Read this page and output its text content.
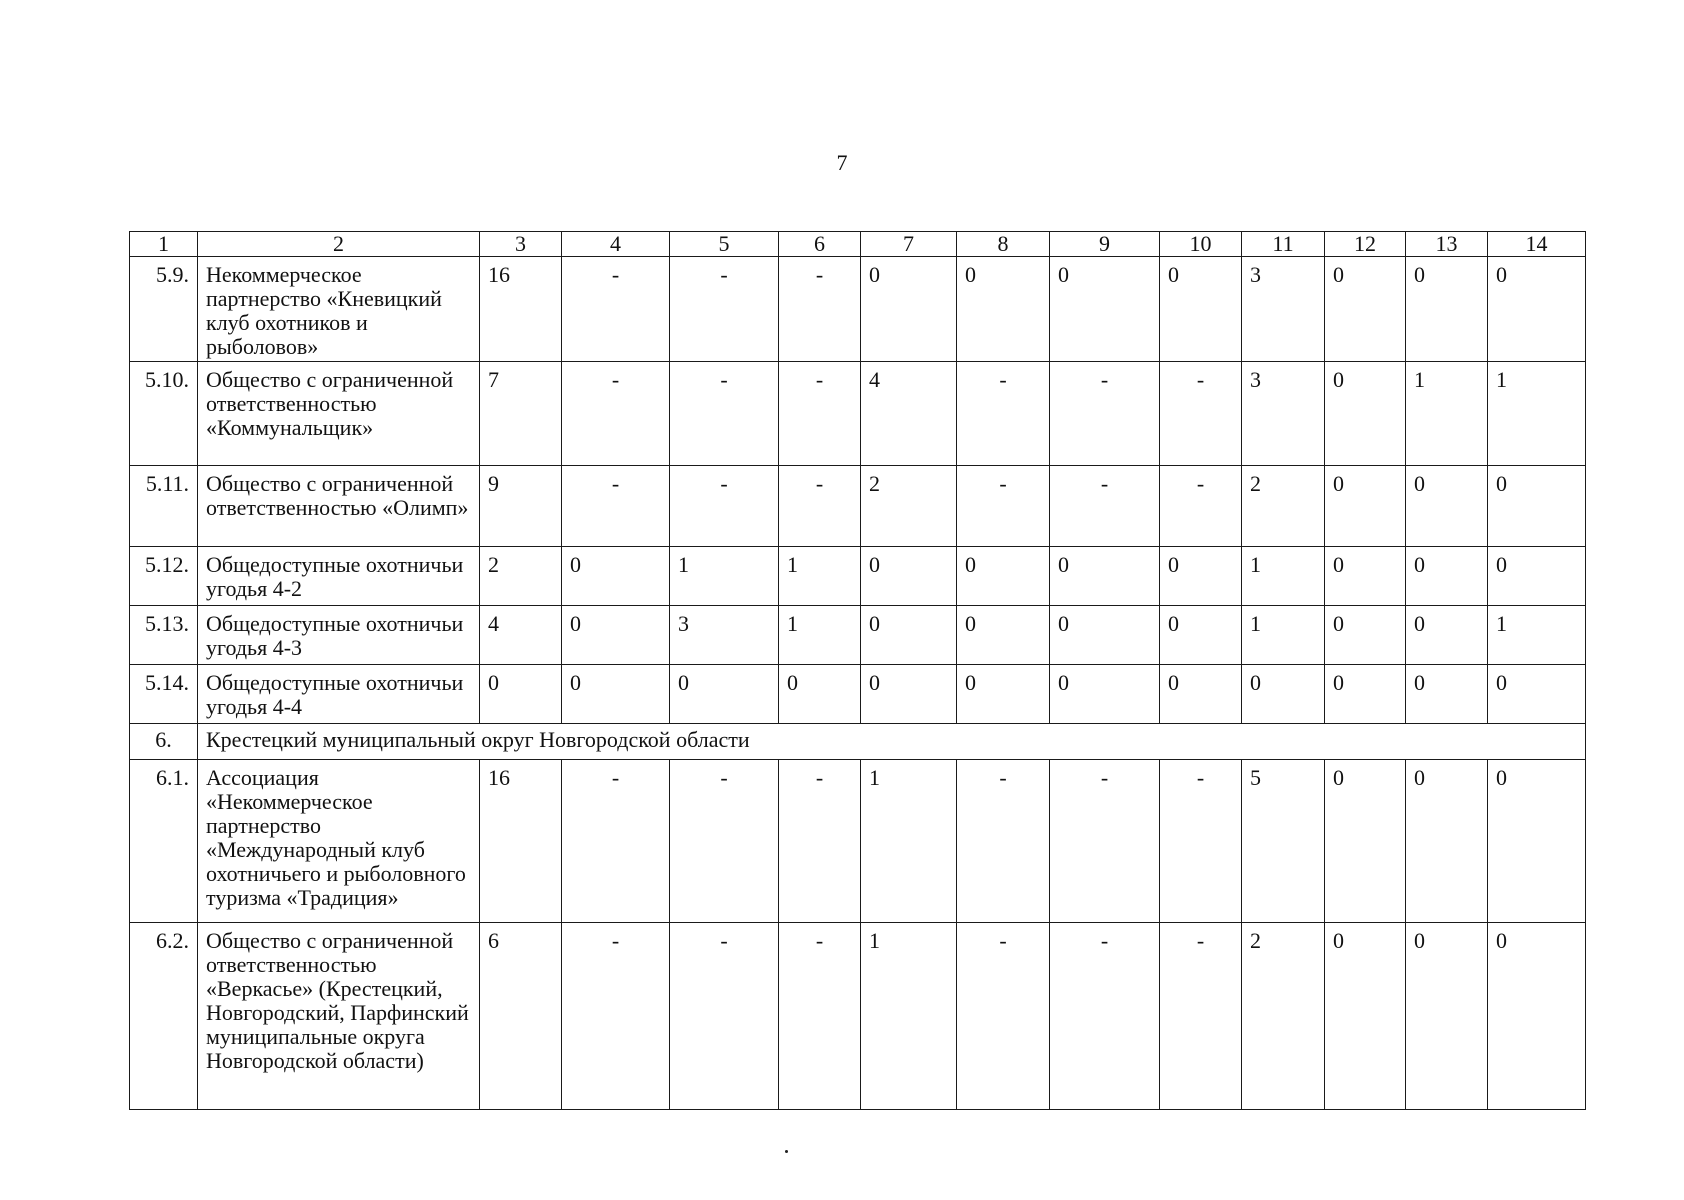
7
1	2	3	4	5	6	7	8	9	10	11	12	13	14
5.9.	Некоммерческое партнерство «Кневицкий клуб охотников и рыболовов»	16	-	-	-	0	0	0	0	3	0	0	0
5.10.	Общество с ограниченной ответственностью «Коммунальщик»	7	-	-	-	4	-	-	-	3	0	1	1
5.11.	Общество с ограниченной ответственностью «Олимп»	9	-	-	-	2	-	-	-	2	0	0	0
5.12.	Общедоступные охотничьи угодья 4-2	2	0	1	1	0	0	0	0	1	0	0	0
5.13.	Общедоступные охотничьи угодья 4-3	4	0	3	1	0	0	0	0	1	0	0	1
5.14.	Общедоступные охотничьи угодья 4-4	0	0	0	0	0	0	0	0	0	0	0	0
6.	Крестецкий муниципальный округ Новгородской области												
6.1.	Ассоциация «Некоммерческое партнерство «Международный клуб охотничьего и рыболовного туризма «Традиция»	16	-	-	-	1	-	-	-	5	0	0	0
6.2.	Общество с ограниченной ответственностью «Веркасье» (Крестецкий, Новгородский, Парфинский муниципальные округа Новгородской области)	6	-	-	-	1	-	-	-	2	0	0	0
